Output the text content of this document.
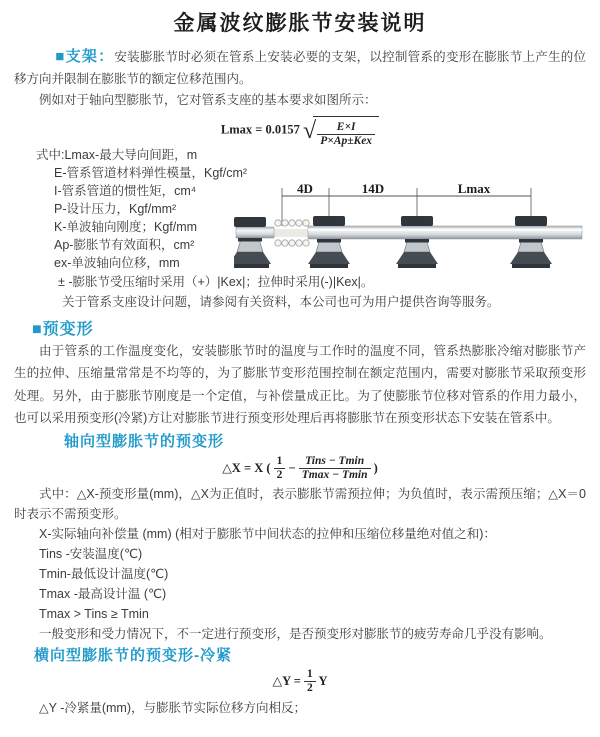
金属波纹膨胀节安装说明

■支架：安装膨胀节时必须在管系上安装必要的支架，以控制管系的变形在膨胀节上产生的位移方向并限制在膨胀节的额定位移范围内。

例如对于轴向型膨胀节，它对管系支座的基本要求如图所示：

Lmax = 0.0157 √ $\frac{E\times I}{\text{P×Ap±Kex}}$
式中:Lmax-最大导向间距，m
E-管系管道材料弹性模量，Kgf/cm²
I-管系管道的惯性矩，cm⁴
P-设计压力，Kgf/mm²
K-单波轴向刚度；Kgf/mm
Ap-膨胀节有效面积，cm²
ex-单波轴向位移，mm
4D	14D	Lmax
± -膨胀节受压缩时采用（+）|Kex|；拉伸时采用(-)|Kex|。
关于管系支座设计问题，请参阅有关资料，本公司也可为用户提供咨询等服务。
■预变形

由于管系的工作温度变化，安装膨胀节时的温度与工作时的温度不同，管系热膨胀冷缩对膨胀节产生的拉伸、压缩量常常是不均等的，为了膨胀节变形范围控制在额定范围内，需要对膨胀节采取预变形处理。另外，由于膨胀节刚度是一个定值，与补偿量成正比。为了使膨胀节位移对管系的作用力最小，也可以采用预变形(冷紧)方让对膨胀节进行预变形处理后再将膨胀节在预变形状态下安装在管系中。

轴向型膨胀节的预变形
△X = X ( $\frac{1}{2} - \frac{\text{Tins − Tmin}}{Tmax - Tmin}$ )
式中：△X-预变形量(mm)，△X为正值时，表示膨胀节需预拉伸；为负值时，表示需预压缩；△X＝0时表示不需预变形。
X-实际轴向补偿量 (mm) (相对于膨胀节中间状态的拉伸和压缩位移量绝对值之和)：
Tins -安装温度(℃)
Tmin-最低设计温度(℃)
Tmax -最高设计温 (℃)
Tmax > Tins ≥ Tmin
一般变形和受力情况下，不一定进行预变形，是否预变形对膨胀节的疲劳寿命几乎没有影响。
横向型膨胀节的预变形-冷紧
△Y = $\frac{1}{2}$ Y
△Y -冷紧量(mm)，与膨胀节实际位移方向相反；
